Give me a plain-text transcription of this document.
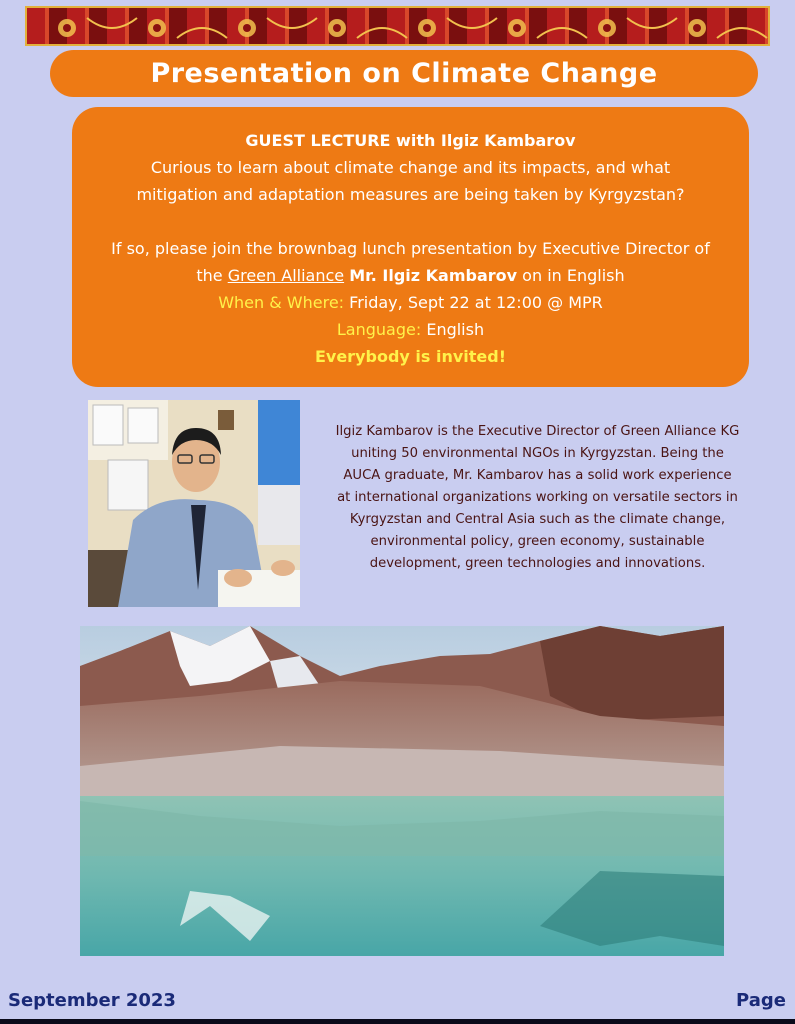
Presentation on Climate Change
GUEST LECTURE with Ilgiz Kambarov
Curious to learn about climate change and its impacts, and what
mitigation and adaptation measures are being taken by Kyrgyzstan?
If so, please join the brownbag lunch presentation by Executive Director of
the Green Alliance Mr. Ilgiz Kambarov on in English
When & Where: Friday, Sept 22 at 12:00 @ MPR
Language: English
Everybody is invited!
Ilgiz Kambarov is the Executive Director of Green Alliance KG uniting 50 environmental NGOs in Kyrgyzstan. Being the AUCA graduate, Mr. Kambarov has a solid work experience at international organizations working on versatile sectors in Kyrgyzstan and Central Asia such as the climate change, environmental policy, green economy, sustainable development, green technologies and innovations.
September 2023	Page
